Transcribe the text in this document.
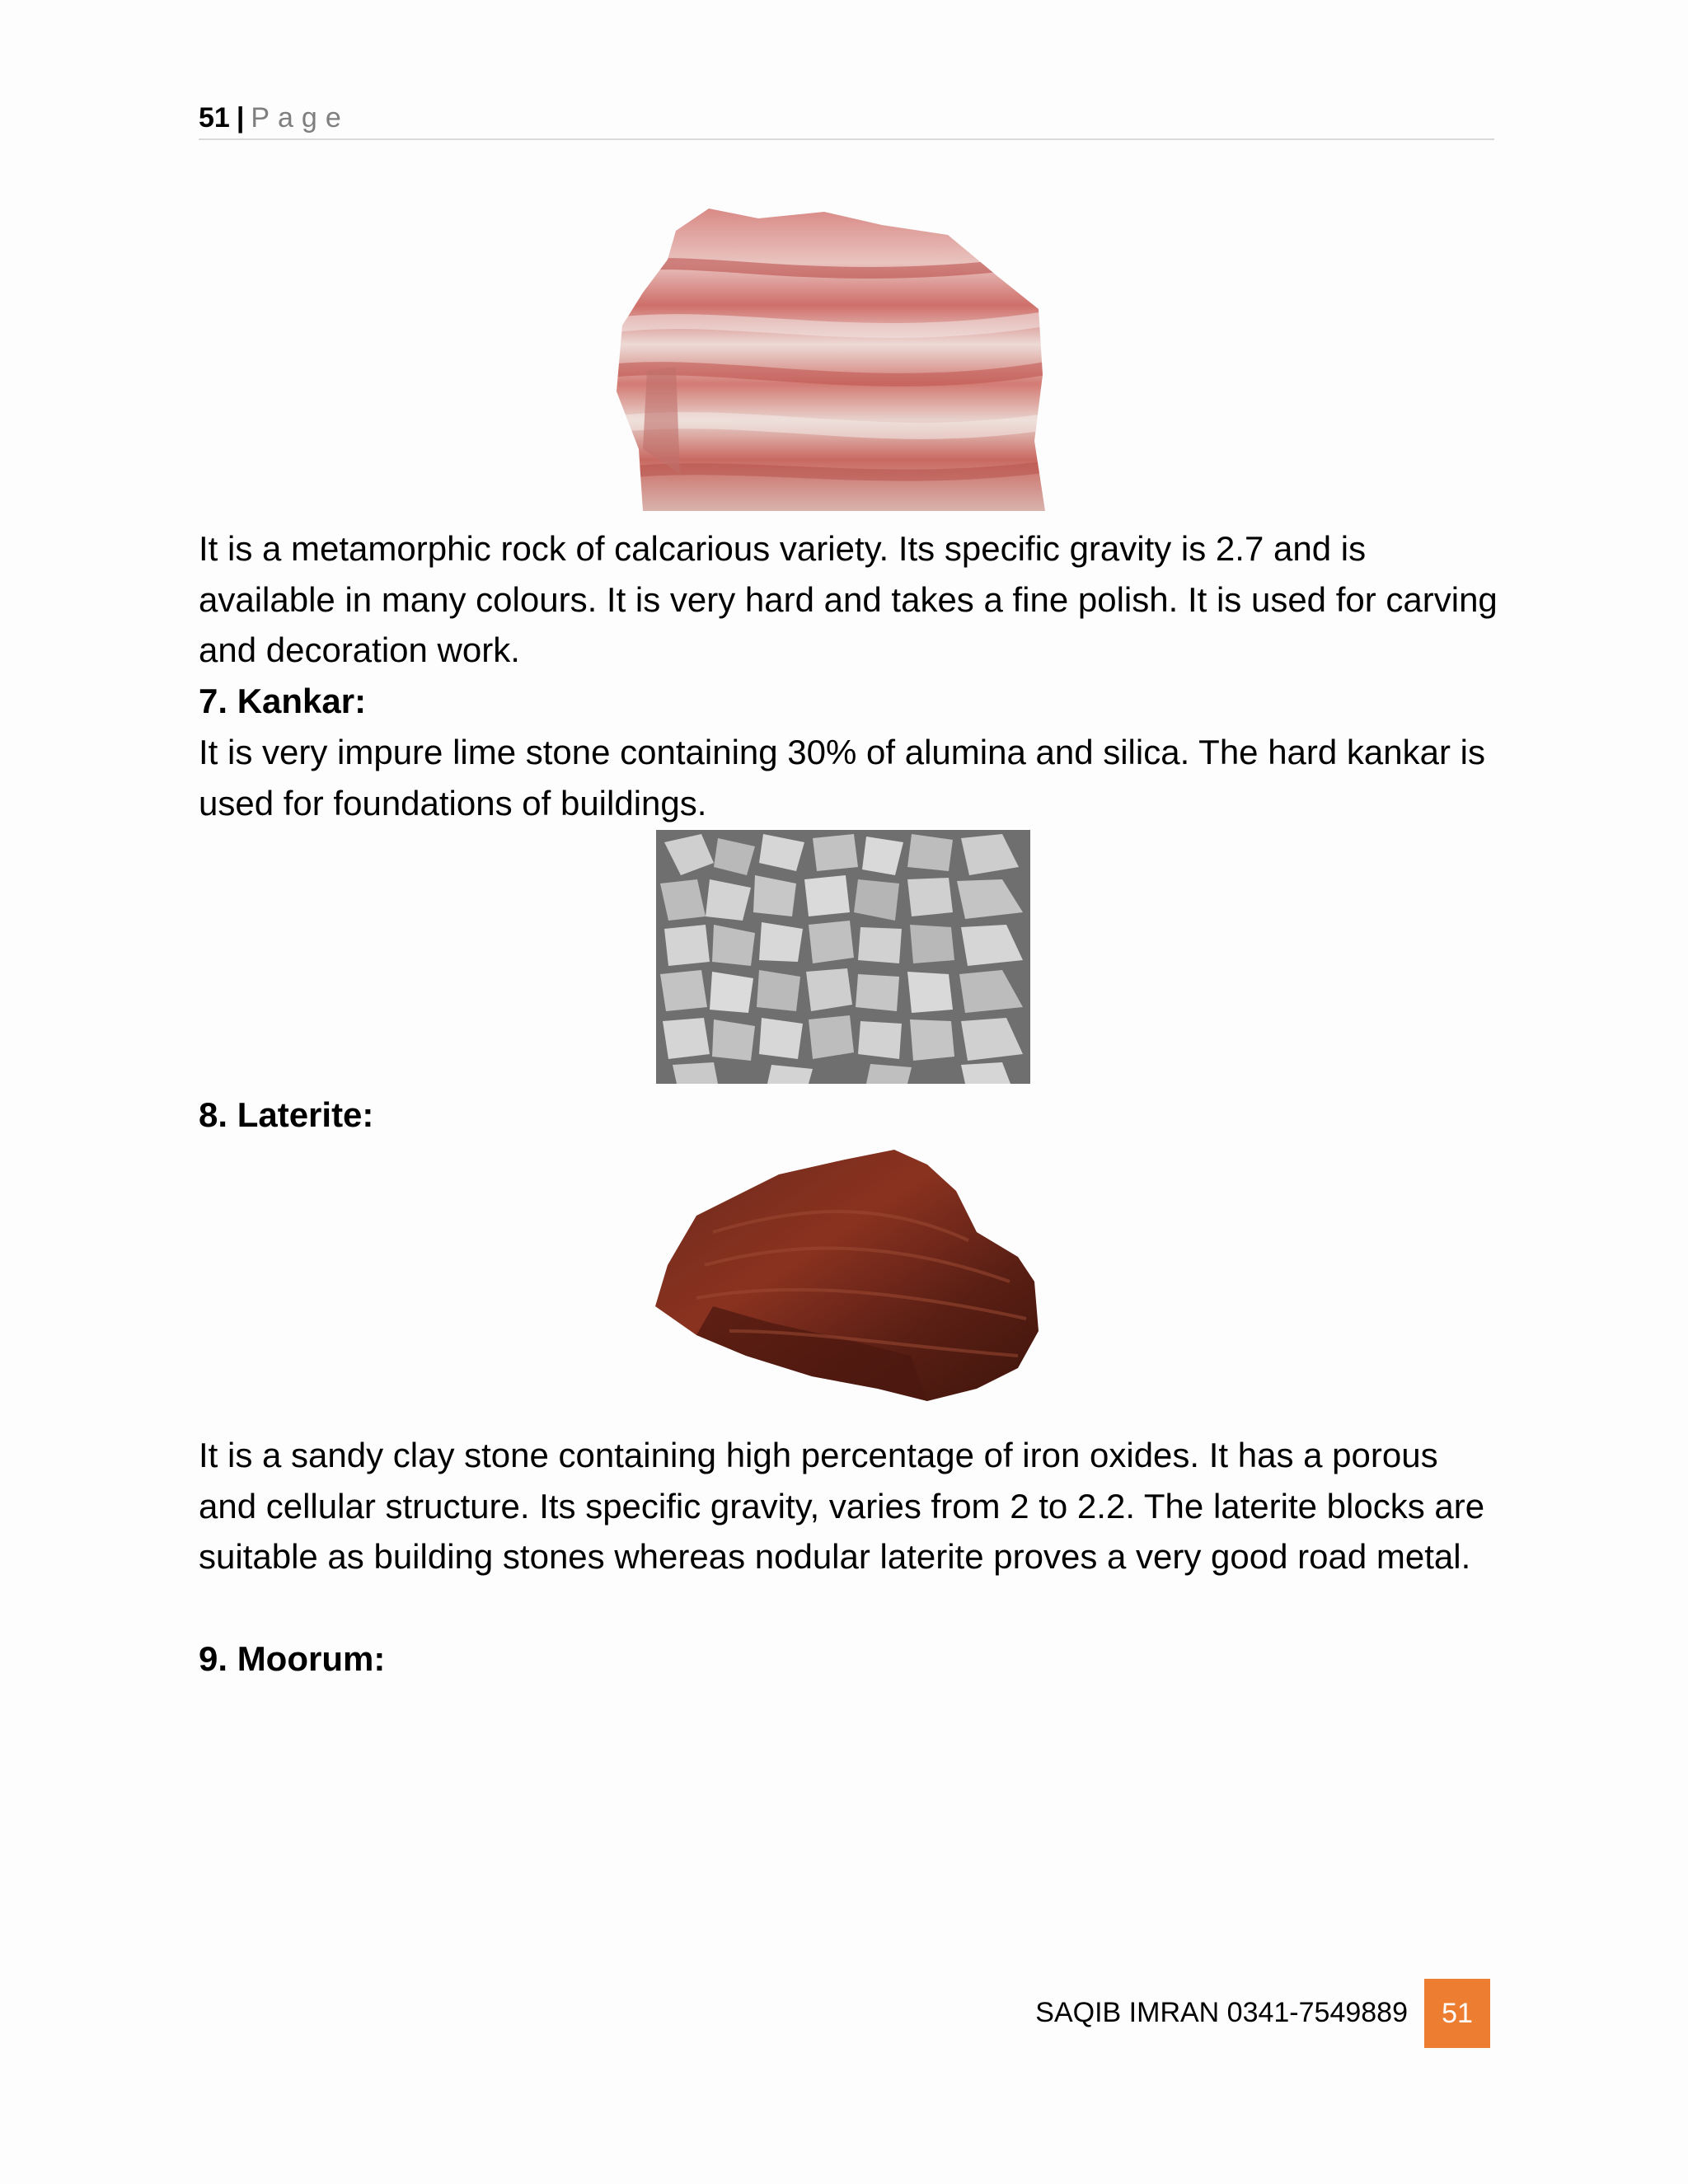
51 | Page

It is a metamorphic rock of calcarious variety. Its specific gravity is 2.7 and is available in many colours. It is very hard and takes a fine polish. It is used for carving and decoration work.

7. Kankar:

It is very impure lime stone containing 30% of alumina and silica. The hard kankar is used for foundations of buildings.

8. Laterite:

It is a sandy clay stone containing high percentage of iron oxides. It has a porous and cellular structure. Its specific gravity, varies from 2 to 2.2. The laterite blocks are suitable as building stones whereas nodular laterite proves a very good road metal.

9. Moorum:

SAQIB IMRAN 0341-7549889	51
